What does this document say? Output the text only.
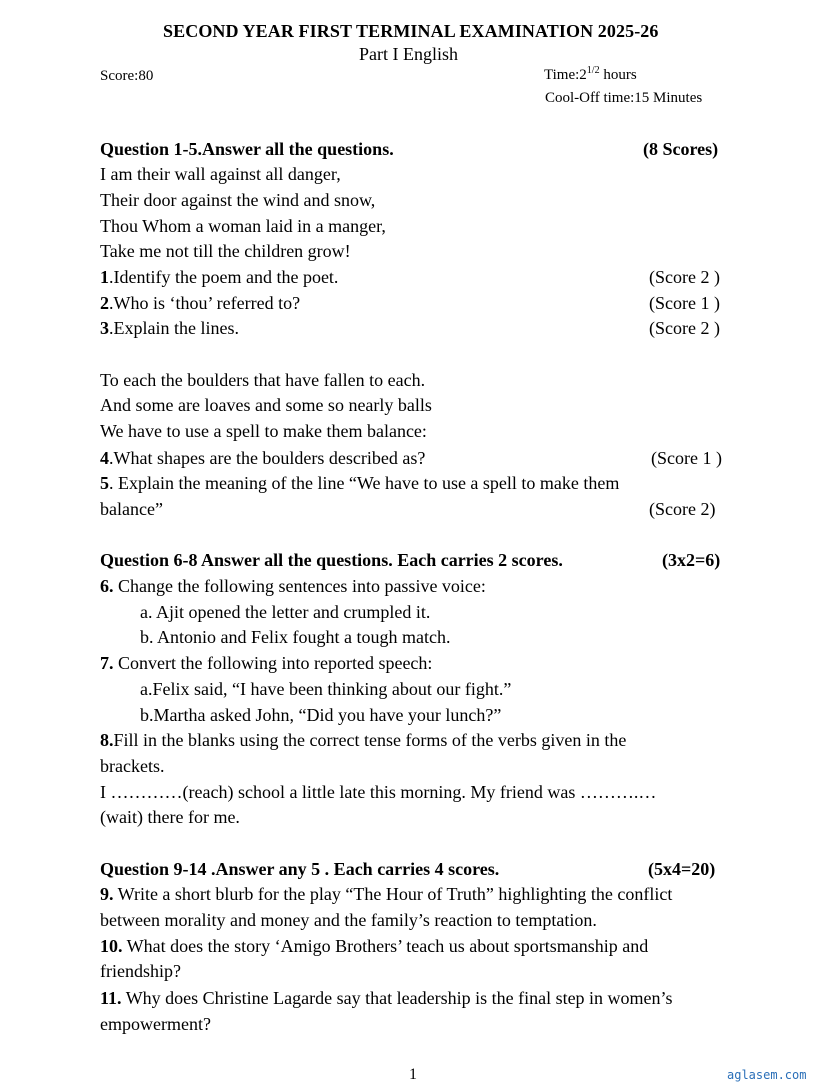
SECOND YEAR FIRST TERMINAL EXAMINATION 2025-26
Part I English
Score:80	$Time:2^{1/2}$ hours
Cool-Off time:15 Minutes
Question 1-5.Answer all the questions.	(8 Scores)
I am their wall against all danger,
Their door against the wind and snow,
Thou Whom a woman laid in a manger,
Take me not till the children grow!
1.Identify the poem and the poet.	(Score 2 )
2.Who is ‘thou’ referred to?	(Score 1 )
3.Explain the lines.	(Score 2 )
To each the boulders that have fallen to each.
And some are loaves and some so nearly balls
We have to use a spell to make them balance:
4.What shapes are the boulders described as?	(Score 1 )
5. Explain the meaning of the line “We have to use a spell to make them
balance”	(Score 2)
Question 6-8 Answer all the questions. Each carries 2 scores.	(3x2=6)
6. Change the following sentences into passive voice:
a. Ajit opened the letter and crumpled it.
b. Antonio and Felix fought a tough match.
7. Convert the following into reported speech:
a.Felix said, “I have been thinking about our fight.”
b.Martha asked John, “Did you have your lunch?”
8.Fill in the blanks using the correct tense forms of the verbs given in the
brackets.
I …………(reach) school a little late this morning. My friend was ……….…
(wait) there for me.
Question 9-14 .Answer any 5 . Each carries 4 scores.	(5x4=20)
9. Write a short blurb for the play “The Hour of Truth” highlighting the conflict
between morality and money and the family’s reaction to temptation.
10. What does the story ‘Amigo Brothers’ teach us about sportsmanship and
friendship?
11. Why does Christine Lagarde say that leadership is the final step in women’s
empowerment?
1	aglasem.com
